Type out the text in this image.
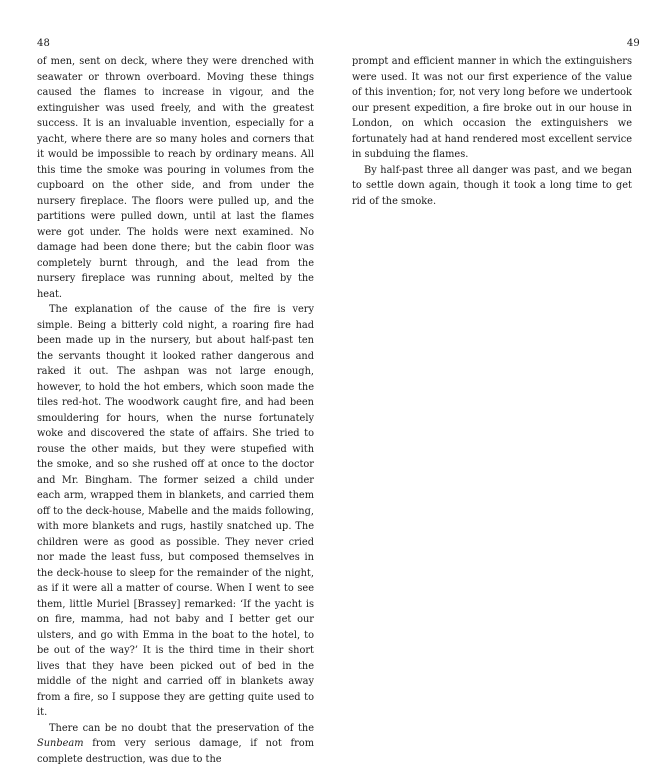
48

of men, sent on deck, where they were drenched with seawater or thrown overboard. Moving these things caused the flames to increase in vigour, and the extinguisher was used freely, and with the greatest success. It is an invaluable invention, especially for a yacht, where there are so many holes and corners that it would be impossible to reach by ordinary means. All this time the smoke was pouring in volumes from the cupboard on the other side, and from under the nursery fireplace. The floors were pulled up, and the partitions were pulled down, until at last the flames were got under. The holds were next examined. No damage had been done there; but the cabin floor was completely burnt through, and the lead from the nursery fireplace was running about, melted by the heat.

The explanation of the cause of the fire is very simple. Being a bitterly cold night, a roaring fire had been made up in the nursery, but about half-past ten the servants thought it looked rather dangerous and raked it out. The ashpan was not large enough, however, to hold the hot embers, which soon made the tiles red-hot. The woodwork caught fire, and had been smouldering for hours, when the nurse fortunately woke and discovered the state of affairs. She tried to rouse the other maids, but they were stupefied with the smoke, and so she rushed off at once to the doctor and Mr. Bingham. The former seized a child under each arm, wrapped them in blankets, and carried them off to the deck-house, Mabelle and the maids following, with more blankets and rugs, hastily snatched up. The children were as good as possible. They never cried nor made the least fuss, but composed themselves in the deck-house to sleep for the remainder of the night, as if it were all a matter of course. When I went to see them, little Muriel [Brassey] remarked: ‘If the yacht is on fire, mamma, had not baby and I better get our ulsters, and go with Emma in the boat to the hotel, to be out of the way?’ It is the third time in their short lives that they have been picked out of bed in the middle of the night and carried off in blankets away from a fire, so I suppose they are getting quite used to it.

There can be no doubt that the preservation of the Sunbeam from very serious damage, if not from complete destruction, was due to the

49

prompt and efficient manner in which the extinguishers were used. It was not our first experience of the value of this invention; for, not very long before we undertook our present expedition, a fire broke out in our house in London, on which occasion the extinguishers we fortunately had at hand rendered most excellent service in subduing the flames.

By half-past three all danger was past, and we began to settle down again, though it took a long time to get rid of the smoke.
